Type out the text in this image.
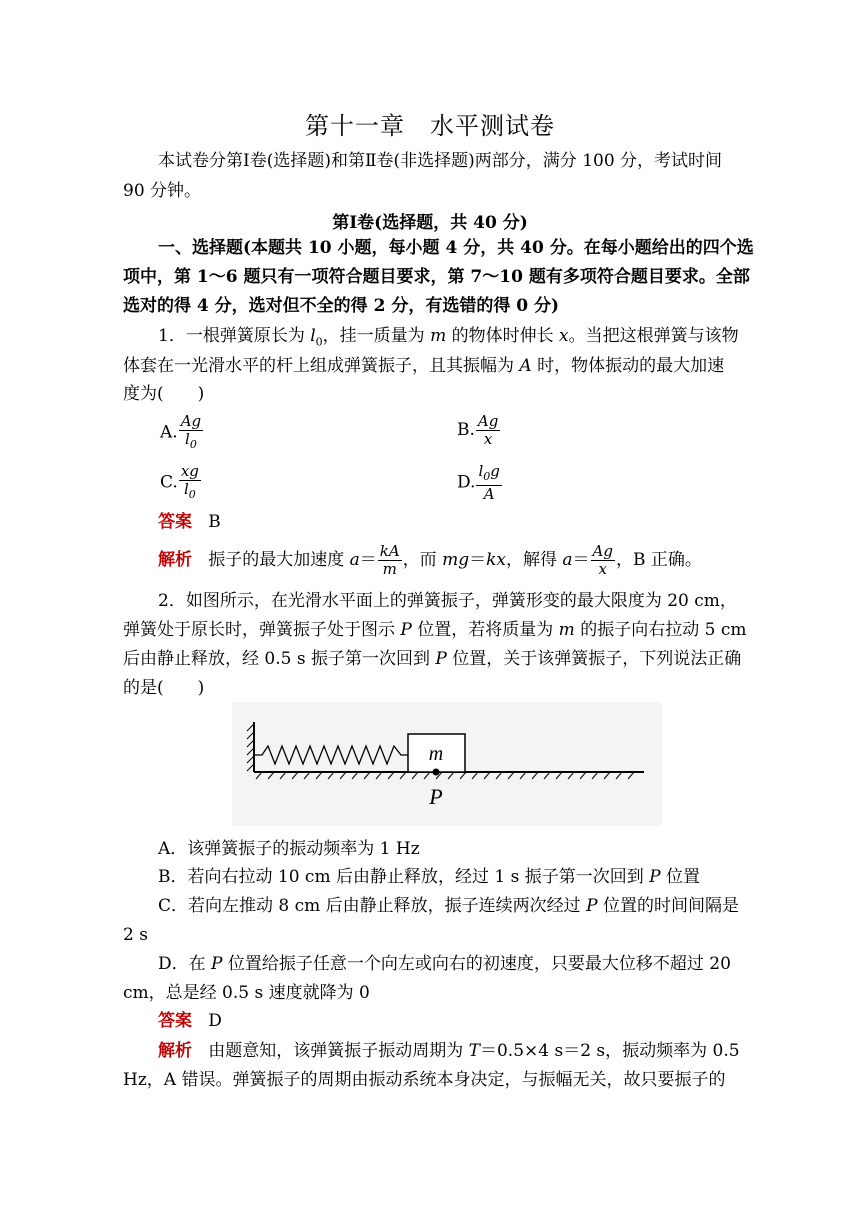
第十一章　水平测试卷
本试卷分第Ⅰ卷(选择题)和第Ⅱ卷(非选择题)两部分，满分 100 分，考试时间
90 分钟。
第Ⅰ卷(选择题，共 40 分)
一、选择题(本题共 10 小题，每小题 4 分，共 40 分。在每小题给出的四个选
项中，第 1～6 题只有一项符合题目要求，第 7～10 题有多项符合题目要求。全部
选对的得 4 分，选对但不全的得 2 分，有选错的得 0 分)
1．一根弹簧原长为 $l_0$，挂一质量为 m 的物体时伸长 x。当把这根弹簧与该物
体套在一光滑水平的杆上组成弹簧振子，且其振幅为 A 时，物体振动的最大加速
度为(　　)
A. $\frac{Ag}{l_0}$	B. $\frac{Ag}{x}$
C. $\frac{xg}{l_0}$	D. $\frac{l_0g}{A}$
答案 B
解析 振子的最大加速度 $a= \frac{kA}{m}$ ，而 mg＝kx，解得 $a= \frac{Ag}{x}$ ，B 正确。
2．如图所示，在光滑水平面上的弹簧振子，弹簧形变的最大限度为 20 cm，
弹簧处于原长时，弹簧振子处于图示 P 位置，若将质量为 m 的振子向右拉动 5 cm
后由静止释放，经 0.5 s 振子第一次回到 P 位置，关于该弹簧振子，下列说法正确
的是(　　)
m
P
A．该弹簧振子的振动频率为 1 Hz
B．若向右拉动 10 cm 后由静止释放，经过 1 s 振子第一次回到 P 位置
C．若向左推动 8 cm 后由静止释放，振子连续两次经过 P 位置的时间间隔是
2 s
D．在 P 位置给振子任意一个向左或向右的初速度，只要最大位移不超过 20
cm，总是经 0.5 s 速度就降为 0
答案 D
解析 由题意知，该弹簧振子振动周期为 T＝0.5×4 s＝2 s，振动频率为 0.5
Hz，A 错误。弹簧振子的周期由振动系统本身决定，与振幅无关，故只要振子的
